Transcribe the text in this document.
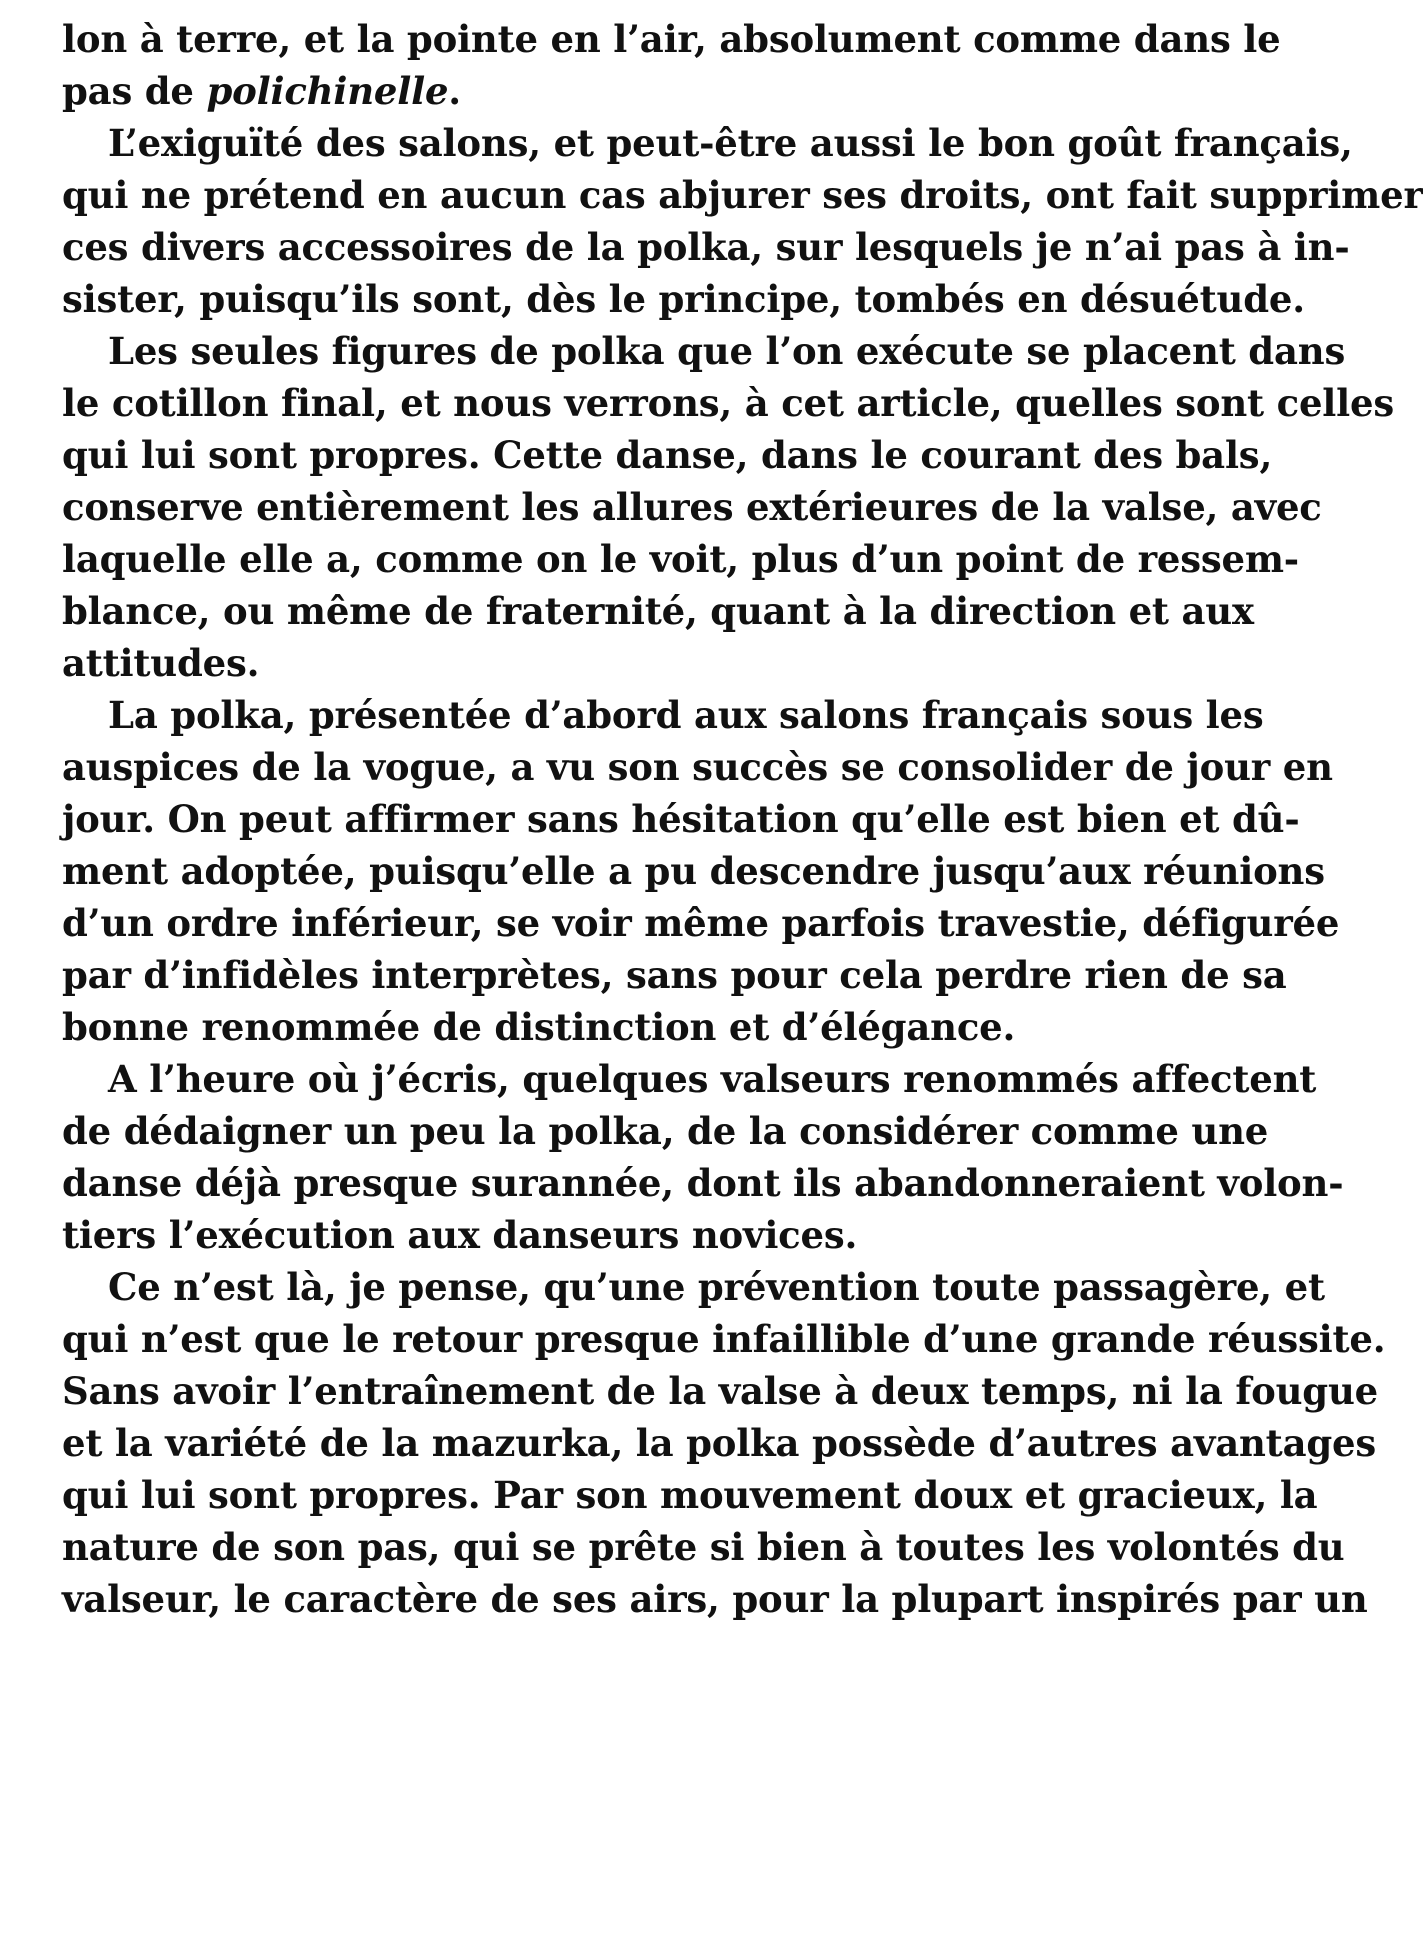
lon à terre, et la pointe en l’air, absolument comme dans le
pas de polichinelle.
L’exiguïté des salons, et peut-être aussi le bon goût français,
qui ne prétend en aucun cas abjurer ses droits, ont fait supprimer
ces divers accessoires de la polka, sur lesquels je n’ai pas à in-
sister, puisqu’ils sont, dès le principe, tombés en désuétude.
Les seules figures de polka que l’on exécute se placent dans
le cotillon final, et nous verrons, à cet article, quelles sont celles
qui lui sont propres. Cette danse, dans le courant des bals,
conserve entièrement les allures extérieures de la valse, avec
laquelle elle a, comme on le voit, plus d’un point de ressem-
blance, ou même de fraternité, quant à la direction et aux
attitudes.
La polka, présentée d’abord aux salons français sous les
auspices de la vogue, a vu son succès se consolider de jour en
jour. On peut affirmer sans hésitation qu’elle est bien et dû-
ment adoptée, puisqu’elle a pu descendre jusqu’aux réunions
d’un ordre inférieur, se voir même parfois travestie, défigurée
par d’infidèles interprètes, sans pour cela perdre rien de sa
bonne renommée de distinction et d’élégance.
A l’heure où j’écris, quelques valseurs renommés affectent
de dédaigner un peu la polka, de la considérer comme une
danse déjà presque surannée, dont ils abandonneraient volon-
tiers l’exécution aux danseurs novices.
Ce n’est là, je pense, qu’une prévention toute passagère, et
qui n’est que le retour presque infaillible d’une grande réussite.
Sans avoir l’entraînement de la valse à deux temps, ni la fougue
et la variété de la mazurka, la polka possède d’autres avantages
qui lui sont propres. Par son mouvement doux et gracieux, la
nature de son pas, qui se prête si bien à toutes les volontés du
valseur, le caractère de ses airs, pour la plupart inspirés par un
